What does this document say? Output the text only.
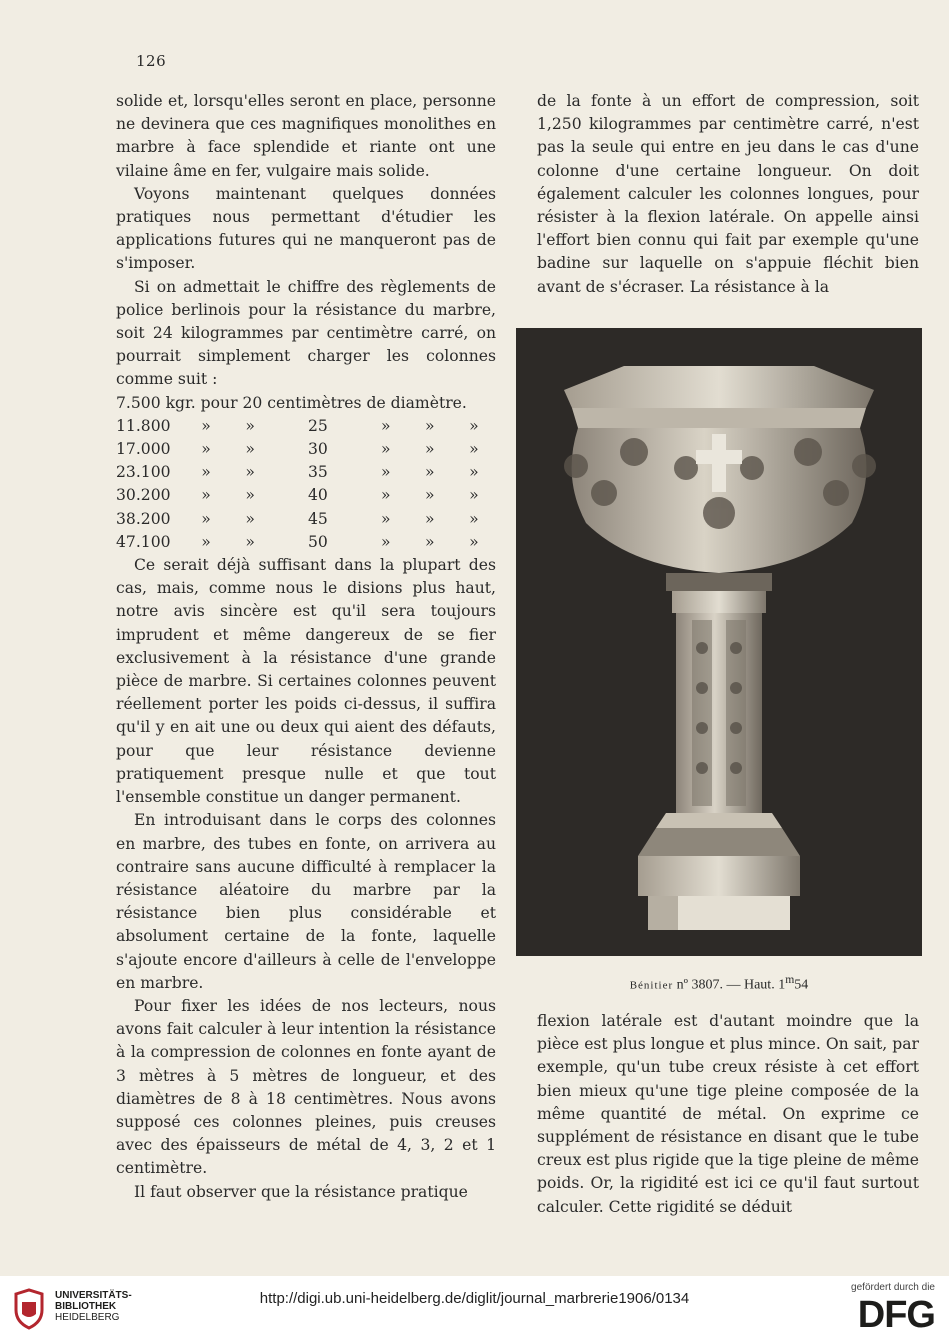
126

solide et, lorsqu'elles seront en place, personne ne devinera que ces magnifiques monolithes en marbre à face splendide et riante ont une vilaine âme en fer, vulgaire mais solide.

Voyons maintenant quelques données pratiques nous permettant d'étudier les applications futures qui ne manqueront pas de s'imposer.

Si on admettait le chiffre des règlements de police berlinois pour la résistance du marbre, soit 24 kilogrammes par centimètre carré, on pourrait simplement charger les colonnes comme suit :

7.500 kgr. pour 20 centimètres de diamètre.						
11.800	»	»	25	»	»	»
17.000	»	»	30	»	»	»
23.100	»	»	35	»	»	»
30.200	»	»	40	»	»	»
38.200	»	»	45	»	»	»
47.100	»	»	50	»	»	»

Ce serait déjà suffisant dans la plupart des cas, mais, comme nous le disions plus haut, notre avis sincère est qu'il sera toujours imprudent et même dangereux de se fier exclusivement à la résistance d'une grande pièce de marbre. Si certaines colonnes peuvent réellement porter les poids ci-dessus, il suffira qu'il y en ait une ou deux qui aient des défauts, pour que leur résistance devienne pratiquement presque nulle et que tout l'ensemble constitue un danger permanent.

En introduisant dans le corps des colonnes en marbre, des tubes en fonte, on arrivera au contraire sans aucune difficulté à remplacer la résistance aléatoire du marbre par la résistance bien plus considérable et absolument certaine de la fonte, laquelle s'ajoute encore d'ailleurs à celle de l'enveloppe en marbre.

Pour fixer les idées de nos lecteurs, nous avons fait calculer à leur intention la résistance à la compression de colonnes en fonte ayant de 3 mètres à 5 mètres de longueur, et des diamètres de 8 à 18 centimètres. Nous avons supposé ces colonnes pleines, puis creuses avec des épaisseurs de métal de 4, 3, 2 et 1 centimètre.

Il faut observer que la résistance pratique

de la fonte à un effort de compression, soit 1,250 kilogrammes par centimètre carré, n'est pas la seule qui entre en jeu dans le cas d'une colonne d'une certaine longueur. On doit également calculer les colonnes longues, pour résister à la flexion latérale. On appelle ainsi l'effort bien connu qui fait par exemple qu'une badine sur laquelle on s'appuie fléchit bien avant de s'écraser. La résistance à la

Bénitier nº 3807. — Haut. 1$^m$54

flexion latérale est d'autant moindre que la pièce est plus longue et plus mince. On sait, par exemple, qu'un tube creux résiste à cet effort bien mieux qu'une tige pleine composée de la même quantité de métal. On exprime ce supplément de résistance en disant que le tube creux est plus rigide que la tige pleine de même poids. Or, la rigidité est ici ce qu'il faut surtout calculer. Cette rigidité se déduit

UNIVERSITÄTS-
BIBLIOTHEK
HEIDELBERG
http://digi.ub.uni-heidelberg.de/diglit/journal_marbrerie1906/0134
gefördert durch die
DFG
